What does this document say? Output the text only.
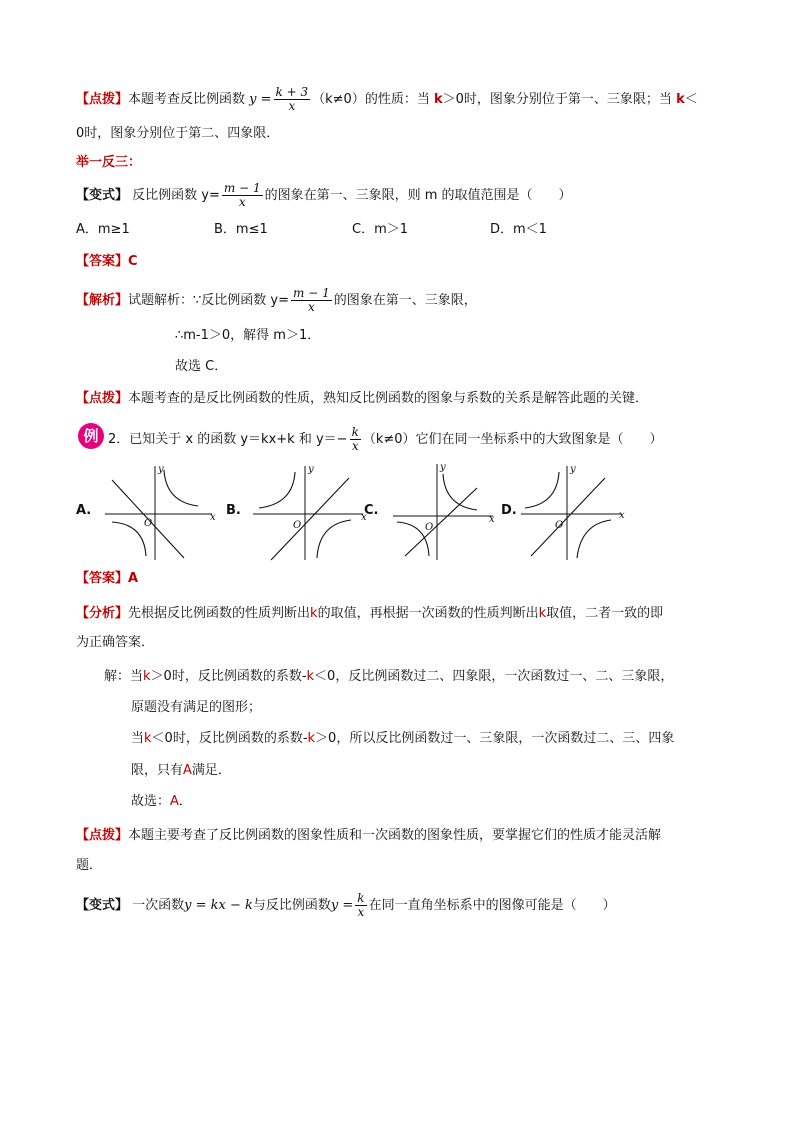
【点拨】本题考查反比例函数 $y = \frac{k + 3}{x} (k\ne 0)$的性质：当 k＞0时，图象分别位于第一、三象限；当 k＜
0时，图象分别位于第二、四象限．
举一反三：
【变式】 反比例函数 $y= \frac{m - 1}{x}$ 的图象在第一、三象限，则 m 的取值范围是（　　）
A．m≥1	B．m≤1	C．m＞1	D．m＜1
【答案】C
【解析】试题解析：∵反比例函数 $y= \frac{m - 1}{x}$ 的图象在第一、三象限，
∴m-1＞0，解得 m＞1．
故选 C．
【点拨】本题考查的是反比例函数的性质，熟知反比例函数的图象与系数的关系是解答此题的关键．
例 2．已知关于 x 的函数 y＝kx+k 和 $y=- \frac{k}{x} (k\ne 0)$它们在同一坐标系中的大致图象是（　　）
A.	B.	C.	D.
x
y
O
x
y
O
x
y
O
x
y
O
【答案】A
【分析】先根据反比例函数的性质判断出k的取值，再根据一次函数的性质判断出k取值，二者一致的即
为正确答案．
解：当k＞0时，反比例函数的系数-k＜0，反比例函数过二、四象限，一次函数过一、二、三象限，
原题没有满足的图形；
当k＜0时，反比例函数的系数-k＞0，所以反比例函数过一、三象限，一次函数过二、三、四象
限，只有A满足．
故选：A．
【点拨】本题主要考查了反比例函数的图象性质和一次函数的图象性质，要掌握它们的性质才能灵活解
题．
【变式】 一次函数y = kx − k与反比例函数$y = \frac{k}{x}$ 在同一直角坐标系中的图像可能是（　　）
